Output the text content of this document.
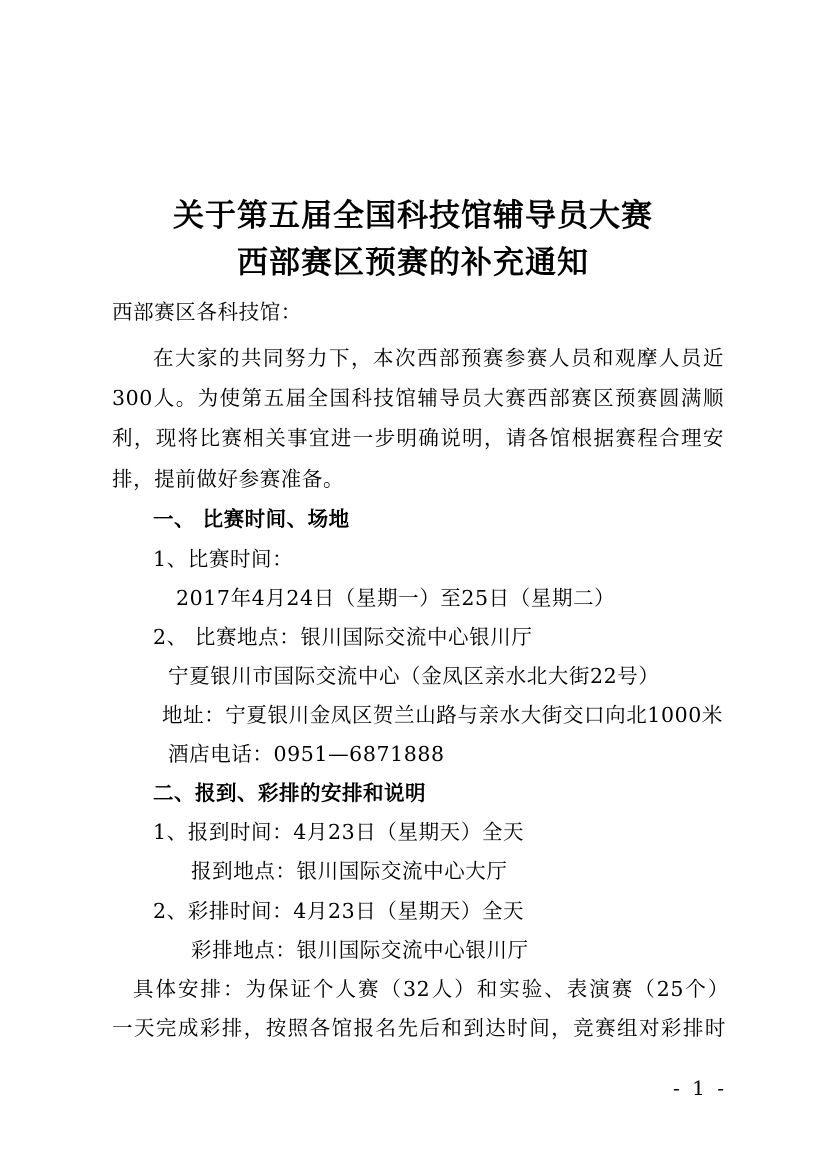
关于第五届全国科技馆辅导员大赛
西部赛区预赛的补充通知
西部赛区各科技馆：
在大家的共同努力下，本次西部预赛参赛人员和观摩人员近
300人。为使第五届全国科技馆辅导员大赛西部赛区预赛圆满顺
利，现将比赛相关事宜进一步明确说明，请各馆根据赛程合理安
排，提前做好参赛准备。
一、 比赛时间、场地
1、比赛时间：
2017年4月24日（星期一）至25日（星期二）
2、 比赛地点：银川国际交流中心银川厅
宁夏银川市国际交流中心（金凤区亲水北大街22号）
地址：宁夏银川金凤区贺兰山路与亲水大街交口向北1000米
酒店电话：0951—6871888
二、报到、彩排的安排和说明
1、报到时间：4月23日（星期天）全天
报到地点：银川国际交流中心大厅
2、彩排时间：4月23日（星期天）全天
彩排地点：银川国际交流中心银川厅
具体安排：为保证个人赛（32人）和实验、表演赛（25个）
一天完成彩排，按照各馆报名先后和到达时间，竞赛组对彩排时
- 1 -
